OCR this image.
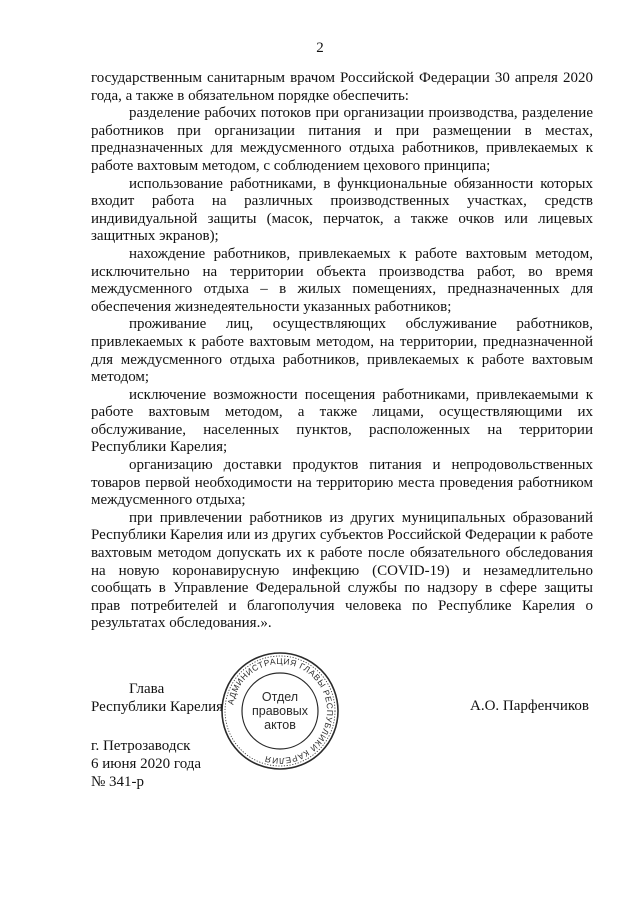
2

государственным санитарным врачом Российской Федерации 30 апреля 2020 года, а также в обязательном порядке обеспечить:

разделение рабочих потоков при организации производства, разделение работников при организации питания и при размещении в местах, предназначенных для междусменного отдыха работников, привлекаемых к работе вахтовым методом, с соблюдением цехового принципа;

использование работниками, в функциональные обязанности которых входит работа на различных производственных участках, средств индивидуальной защиты (масок, перчаток, а также очков или лицевых защитных экранов);

нахождение работников, привлекаемых к работе вахтовым методом, исключительно на территории объекта производства работ, во время междусменного отдыха – в жилых помещениях, предназначенных для обеспечения жизнедеятельности указанных работников;

проживание лиц, осуществляющих обслуживание работников, привлекаемых к работе вахтовым методом, на территории, предназначенной для междусменного отдыха работников, привлекаемых к работе вахтовым методом;

исключение возможности посещения работниками, привлекаемыми к работе вахтовым методом, а также лицами, осуществляющими их обслуживание, населенных пунктов, расположенных на территории Республики Карелия;

организацию доставки продуктов питания и непродовольственных товаров первой необходимости на территорию места проведения работником междусменного отдыха;

при привлечении работников из других муниципальных образований Республики Карелия или из других субъектов Российской Федерации к работе вахтовым методом допускать их к работе после обязательного обследования на новую коронавирусную инфекцию (COVID-19) и незамедлительно сообщать в Управление Федеральной службы по надзору в сфере защиты прав потребителей и благополучия человека по Республике Карелия о результатах обследования.».

Глава
Республики Карелия	А.О. Парфенчиков
АДМИНИСТРАЦИЯ ГЛАВЫ РЕСПУБЛИКИ КАРЕЛИЯ
Отдел
правовых
актов
г. Петрозаводск
6 июня 2020 года
№ 341-р
